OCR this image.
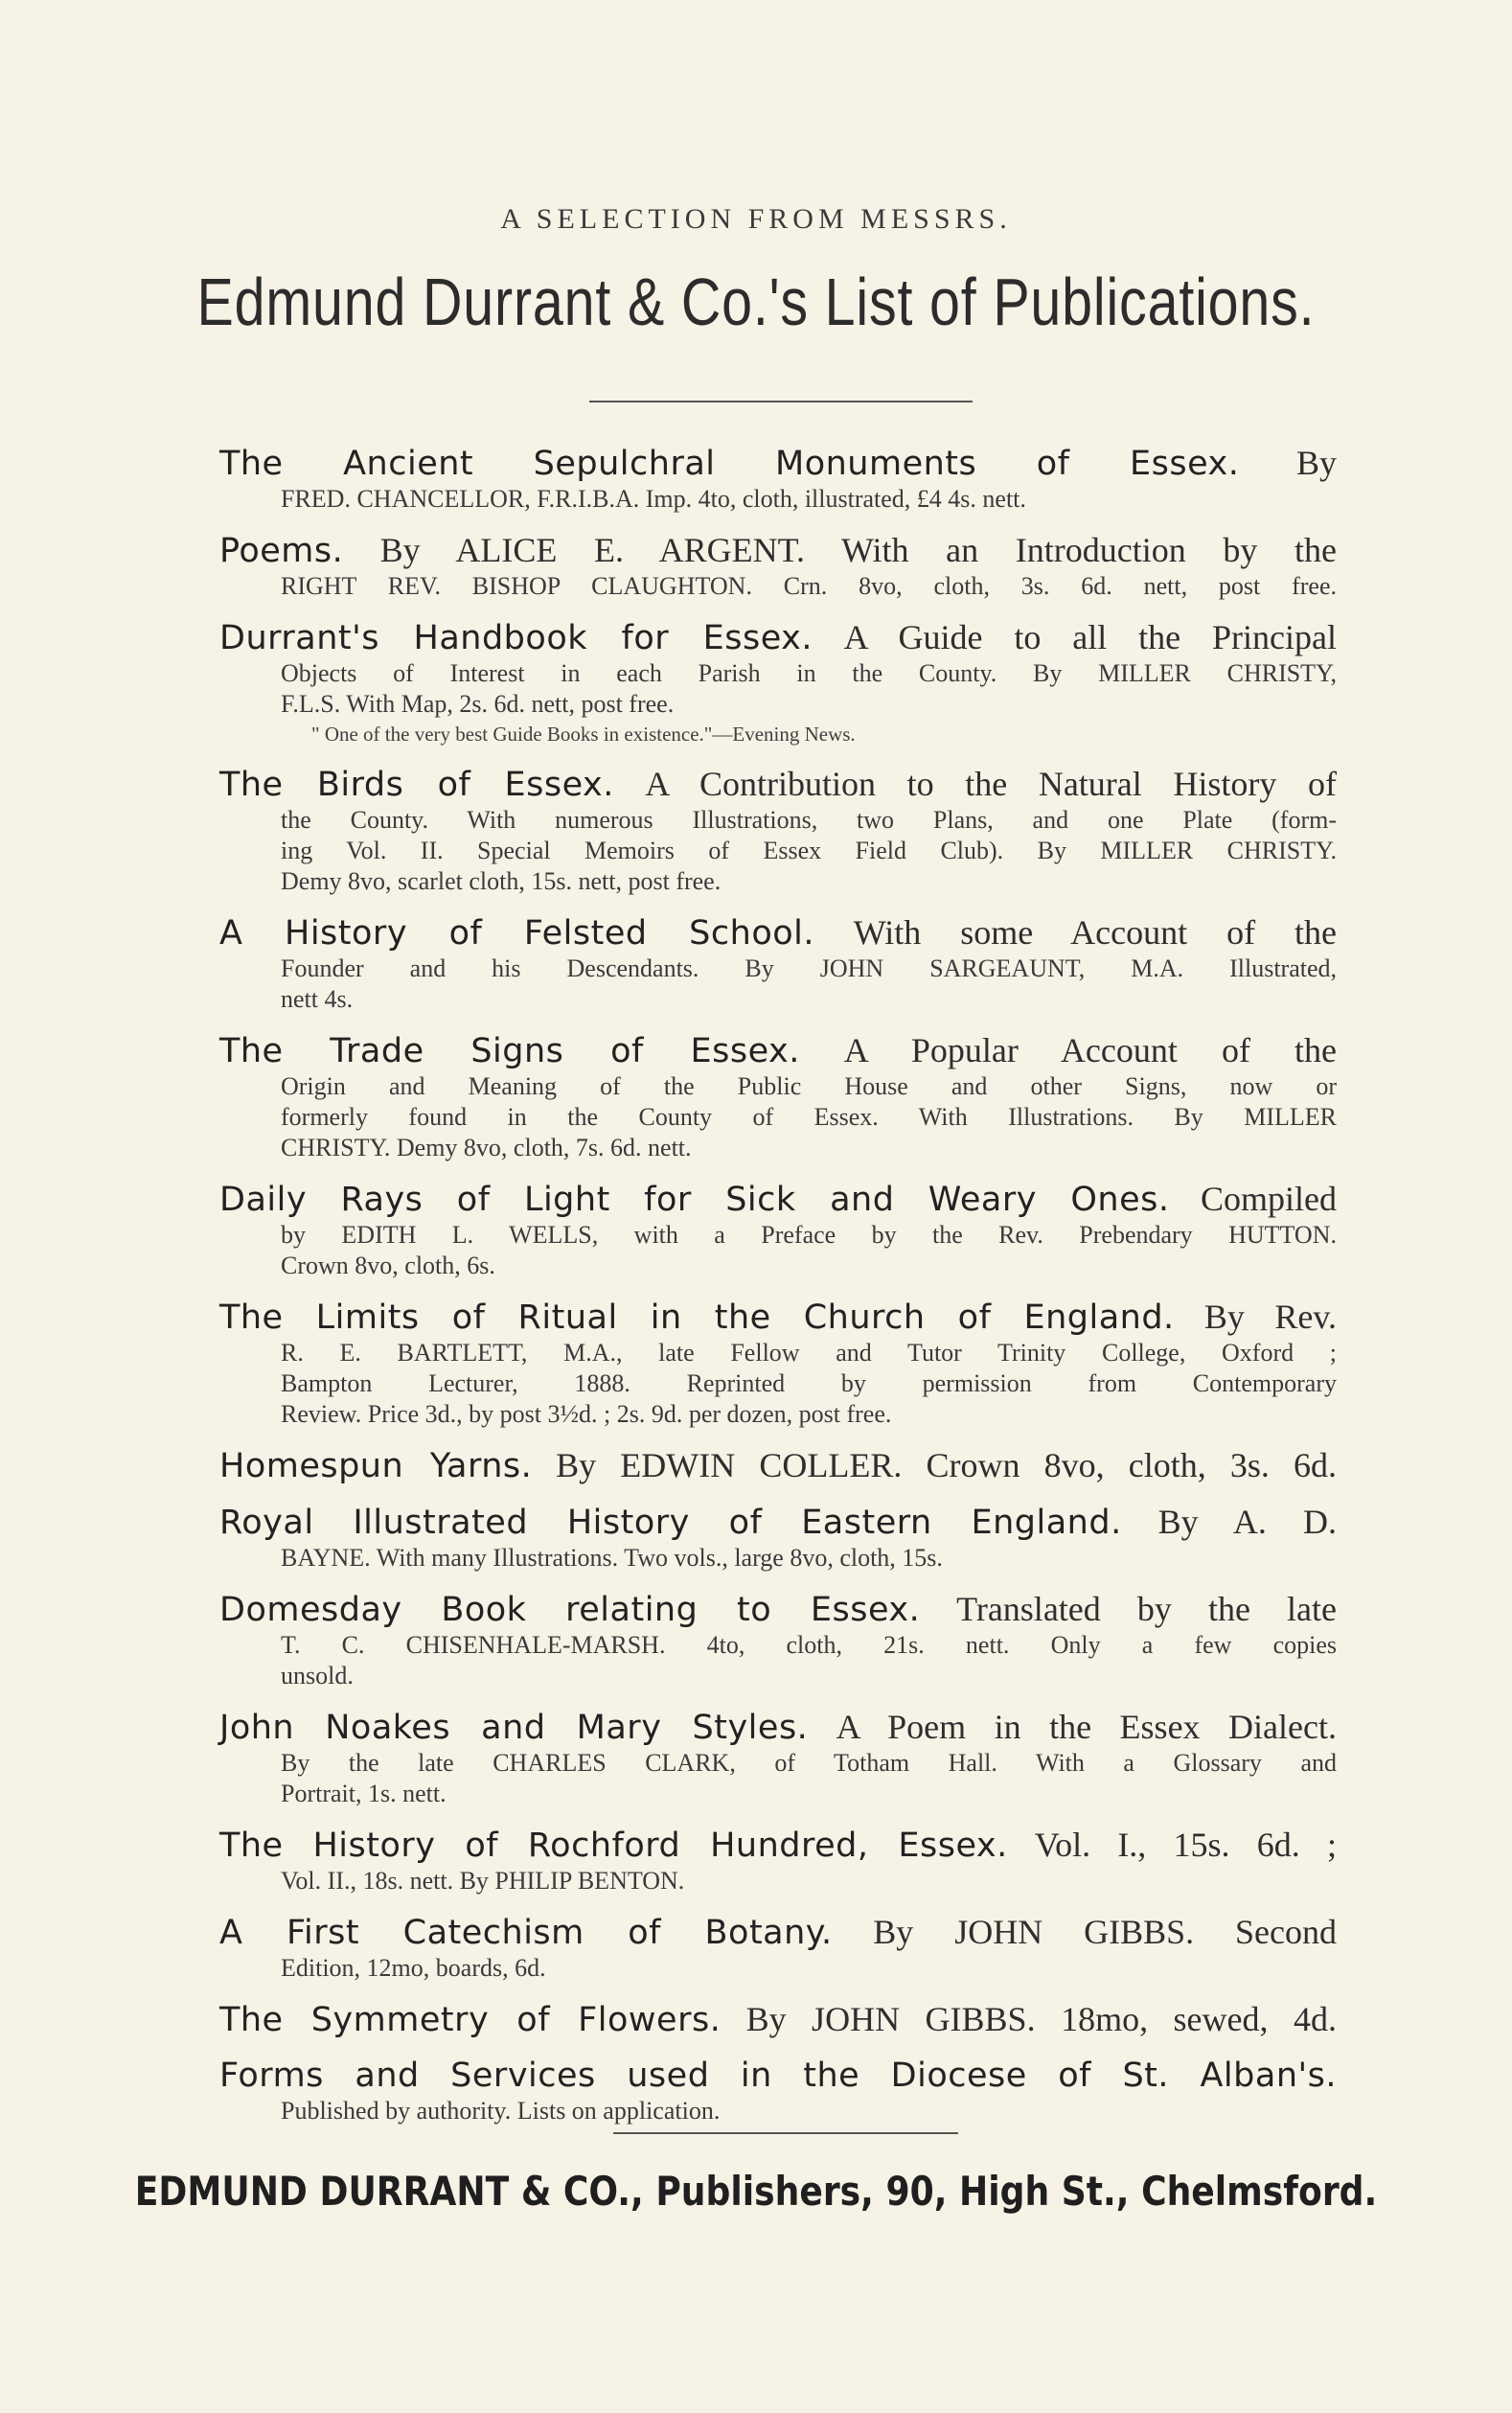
A SELECTION FROM MESSRS.
Edmund Durrant & Co.'s List of Publications.
The Ancient Sepulchral Monuments of Essex. By
FRED. CHANCELLOR, F.R.I.B.A. Imp. 4to, cloth, illustrated, £4 4s. nett.
Poems. By ALICE E. ARGENT. With an Introduction by the
RIGHT REV. BISHOP CLAUGHTON. Crn. 8vo, cloth, 3s. 6d. nett, post free.
Durrant's Handbook for Essex. A Guide to all the Principal
Objects of Interest in each Parish in the County. By MILLER CHRISTY,
F.L.S. With Map, 2s. 6d. nett, post free.
" One of the very best Guide Books in existence."—Evening News.
The Birds of Essex. A Contribution to the Natural History of
the County. With numerous Illustrations, two Plans, and one Plate (form-
ing Vol. II. Special Memoirs of Essex Field Club). By MILLER CHRISTY.
Demy 8vo, scarlet cloth, 15s. nett, post free.
A History of Felsted School. With some Account of the
Founder and his Descendants. By JOHN SARGEAUNT, M.A. Illustrated,
nett 4s.
The Trade Signs of Essex. A Popular Account of the
Origin and Meaning of the Public House and other Signs, now or
formerly found in the County of Essex. With Illustrations. By MILLER
CHRISTY. Demy 8vo, cloth, 7s. 6d. nett.
Daily Rays of Light for Sick and Weary Ones. Compiled
by EDITH L. WELLS, with a Preface by the Rev. Prebendary HUTTON.
Crown 8vo, cloth, 6s.
The Limits of Ritual in the Church of England. By Rev.
R. E. BARTLETT, M.A., late Fellow and Tutor Trinity College, Oxford ;
Bampton Lecturer, 1888. Reprinted by permission from Contemporary
Review. Price 3d., by post 3½d. ; 2s. 9d. per dozen, post free.
Homespun Yarns. By EDWIN COLLER. Crown 8vo, cloth, 3s. 6d.
Royal Illustrated History of Eastern England. By A. D.
BAYNE. With many Illustrations. Two vols., large 8vo, cloth, 15s.
Domesday Book relating to Essex. Translated by the late
T. C. CHISENHALE-MARSH. 4to, cloth, 21s. nett. Only a few copies
unsold.
John Noakes and Mary Styles. A Poem in the Essex Dialect.
By the late CHARLES CLARK, of Totham Hall. With a Glossary and
Portrait, 1s. nett.
The History of Rochford Hundred, Essex. Vol. I., 15s. 6d. ;
Vol. II., 18s. nett. By PHILIP BENTON.
A First Catechism of Botany. By JOHN GIBBS. Second
Edition, 12mo, boards, 6d.
The Symmetry of Flowers. By JOHN GIBBS. 18mo, sewed, 4d.
Forms and Services used in the Diocese of St. Alban's.
Published by authority. Lists on application.
EDMUND DURRANT & CO., Publishers, 90, High St., Chelmsford.
